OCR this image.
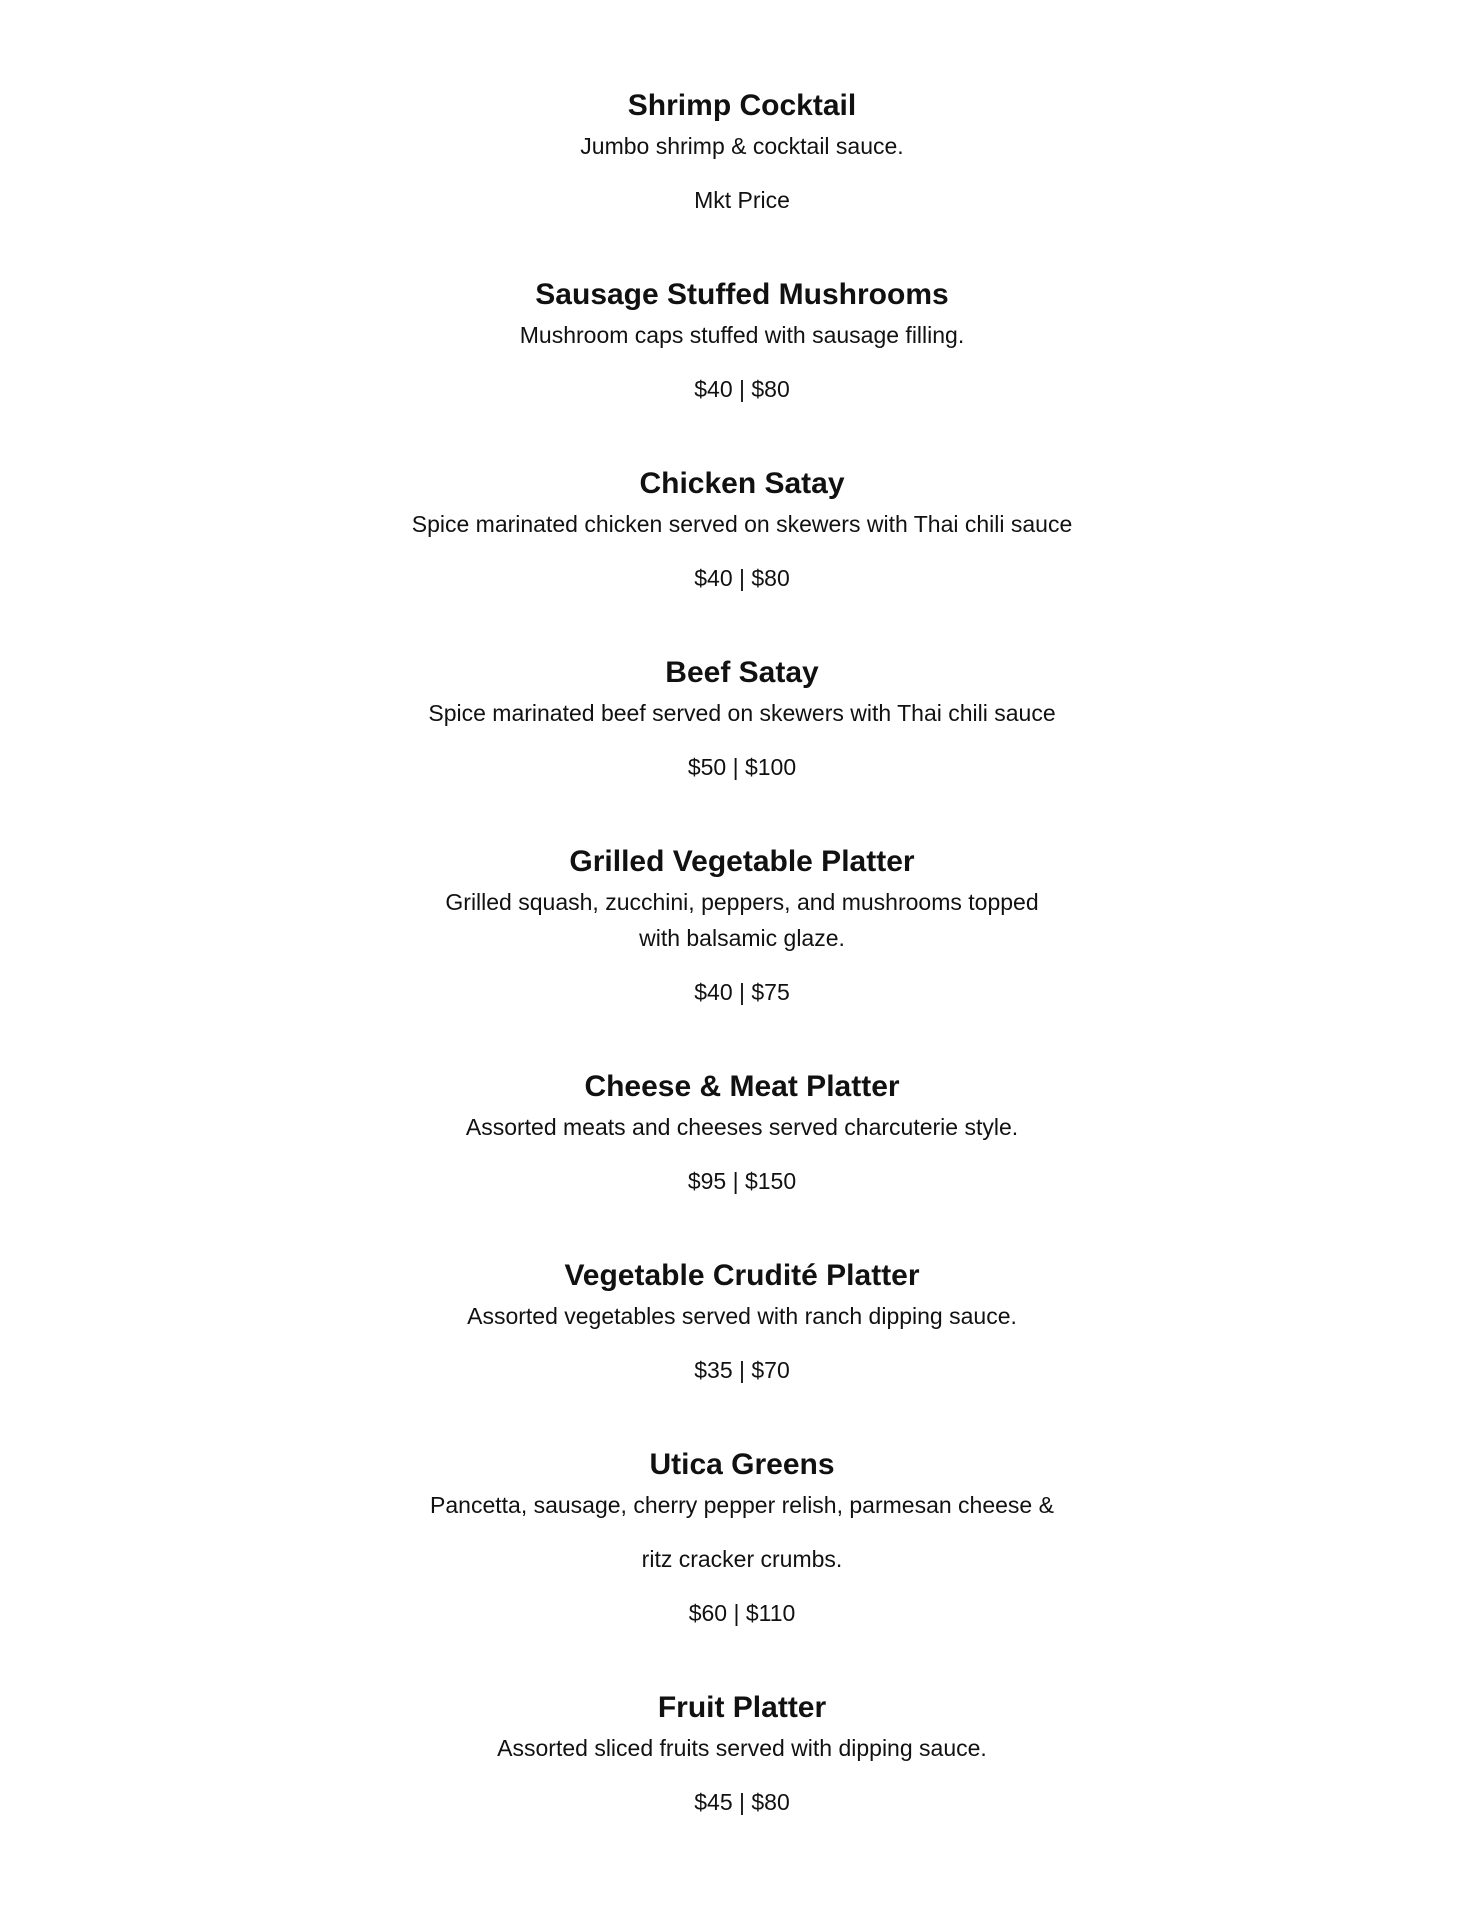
Shrimp Cocktail

Jumbo shrimp & cocktail sauce.

Mkt Price

Sausage Stuffed Mushrooms

Mushroom caps stuffed with sausage filling.

$40 | $80

Chicken Satay

Spice marinated chicken served on skewers with Thai chili sauce

$40 | $80

Beef Satay

Spice marinated beef served on skewers with Thai chili sauce

$50 | $100

Grilled Vegetable Platter

Grilled squash, zucchini, peppers, and mushrooms topped

with balsamic glaze.

$40 | $75

Cheese & Meat Platter

Assorted meats and cheeses served charcuterie style.

$95 | $150

Vegetable Crudité Platter

Assorted vegetables served with ranch dipping sauce.

$35 | $70

Utica Greens

Pancetta, sausage, cherry pepper relish, parmesan cheese &

ritz cracker crumbs.

$60 | $110

Fruit Platter

Assorted sliced fruits served with dipping sauce.

$45 | $80
